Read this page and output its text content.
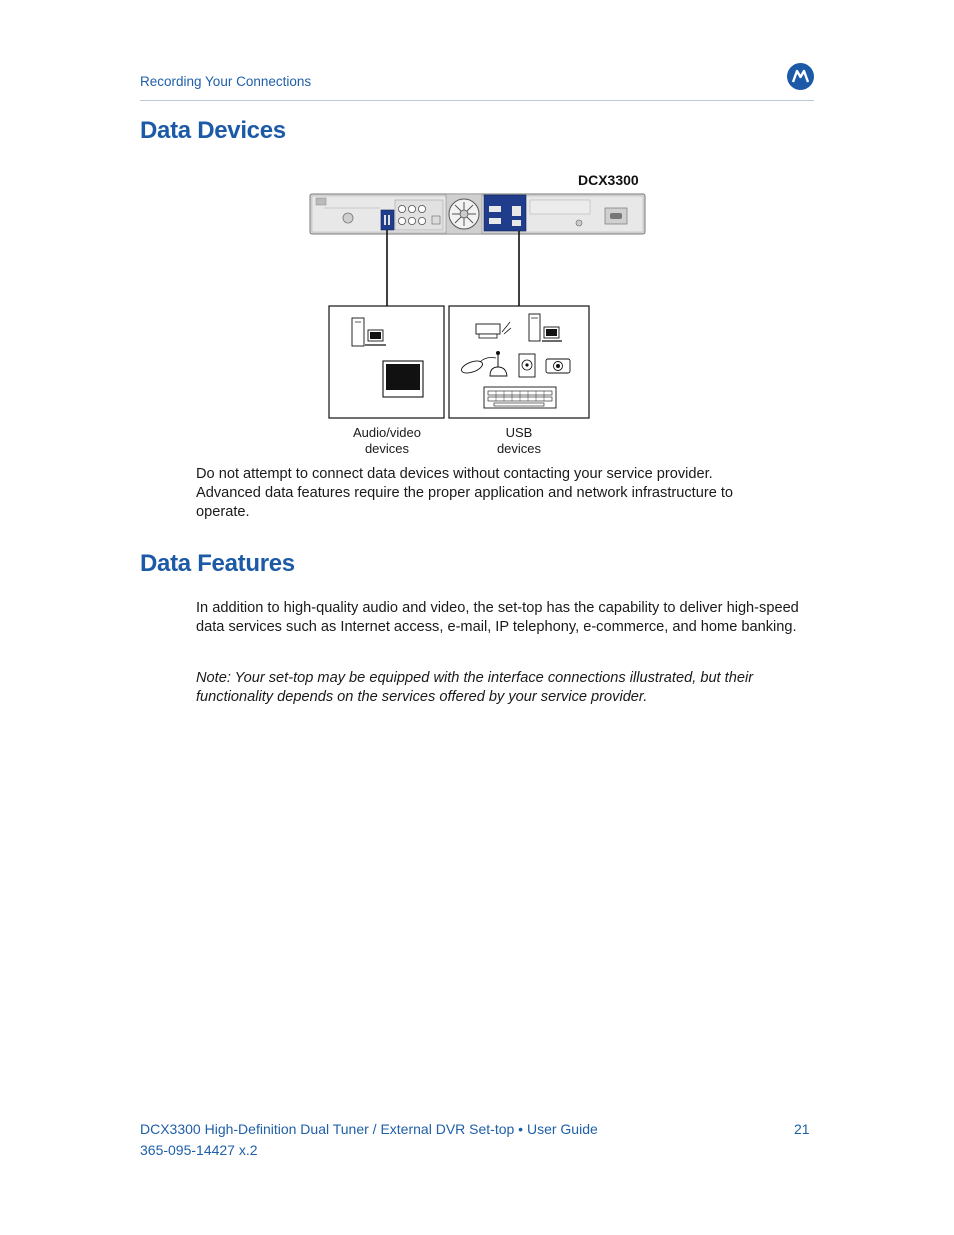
Recording Your Connections
Data Devices
DCX3300
Audio/video
devices
USB
devices

Do not attempt to connect data devices without contacting your service provider. Advanced data features require the proper application and network infrastructure to operate.

Data Features

In addition to high-quality audio and video, the set-top has the capability to deliver high-speed data services such as Internet access, e-mail, IP telephony, e-commerce, and home banking.

Note: Your set-top may be equipped with the interface connections illustrated, but their functionality depends on the services offered by your service provider.

DCX3300 High-Definition Dual Tuner / External DVR Set-top • User Guide
365-095-14427 x.2
21
